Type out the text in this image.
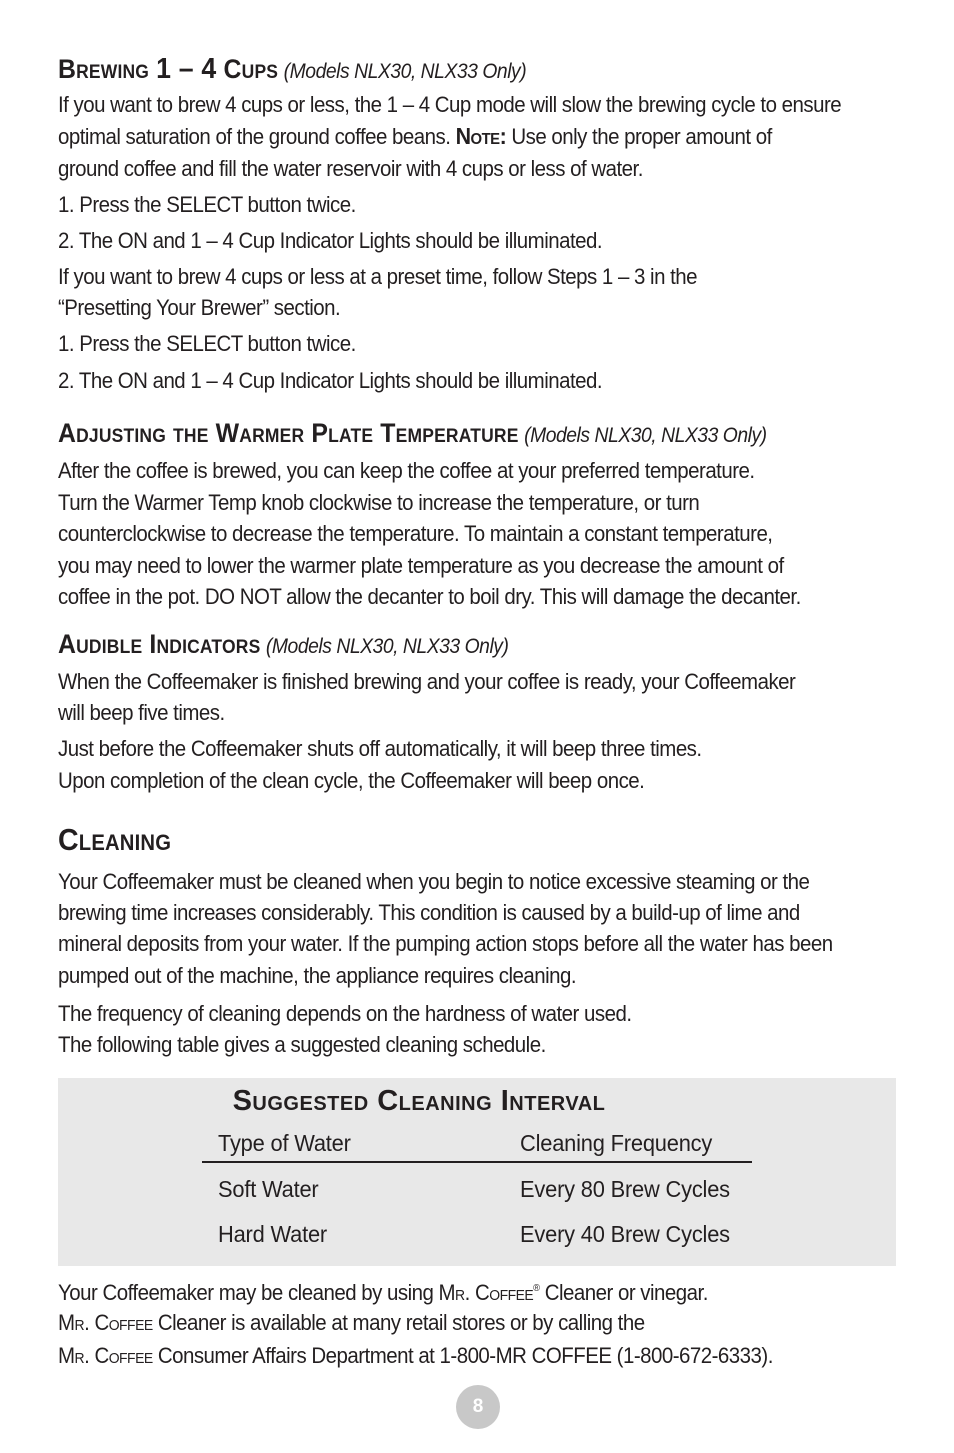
Brewing 1 – 4 Cups (Models NLX30, NLX33 Only)

If you want to brew 4 cups or less, the 1 – 4 Cup mode will slow the brewing cycle to ensure

optimal saturation of the ground coffee beans. Note: Use only the proper amount of

ground coffee and fill the water reservoir with 4 cups or less of water.

1. Press the SELECT button twice.

2. The ON and 1 – 4 Cup Indicator Lights should be illuminated.

If you want to brew 4 cups or less at a preset time, follow Steps 1 – 3 in the

“Presetting Your Brewer” section.

1. Press the SELECT button twice.

2. The ON and 1 – 4 Cup Indicator Lights should be illuminated.

Adjusting the Warmer Plate Temperature (Models NLX30, NLX33 Only)

After the coffee is brewed, you can keep the coffee at your preferred temperature.

Turn the Warmer Temp knob clockwise to increase the temperature, or turn

counterclockwise to decrease the temperature. To maintain a constant temperature,

you may need to lower the warmer plate temperature as you decrease the amount of

coffee in the pot. DO NOT allow the decanter to boil dry. This will damage the decanter.

Audible Indicators (Models NLX30, NLX33 Only)

When the Coffeemaker is finished brewing and your coffee is ready, your Coffeemaker

will beep five times.

Just before the Coffeemaker shuts off automatically, it will beep three times.

Upon completion of the clean cycle, the Coffeemaker will beep once.

Cleaning

Your Coffeemaker must be cleaned when you begin to notice excessive steaming or the

brewing time increases considerably. This condition is caused by a build-up of lime and

mineral deposits from your water. If the pumping action stops before all the water has been

pumped out of the machine, the appliance requires cleaning.

The frequency of cleaning depends on the hardness of water used.

The following table gives a suggested cleaning schedule.

Suggested Cleaning Interval
Type of Water	Cleaning Frequency
Soft Water	Every 80 Brew Cycles
Hard Water	Every 40 Brew Cycles

Your Coffeemaker may be cleaned by using Mr. Coffee® Cleaner or vinegar.

Mr. Coffee Cleaner is available at many retail stores or by calling the

Mr. Coffee Consumer Affairs Department at 1-800-MR COFFEE (1-800-672-6333).

8
